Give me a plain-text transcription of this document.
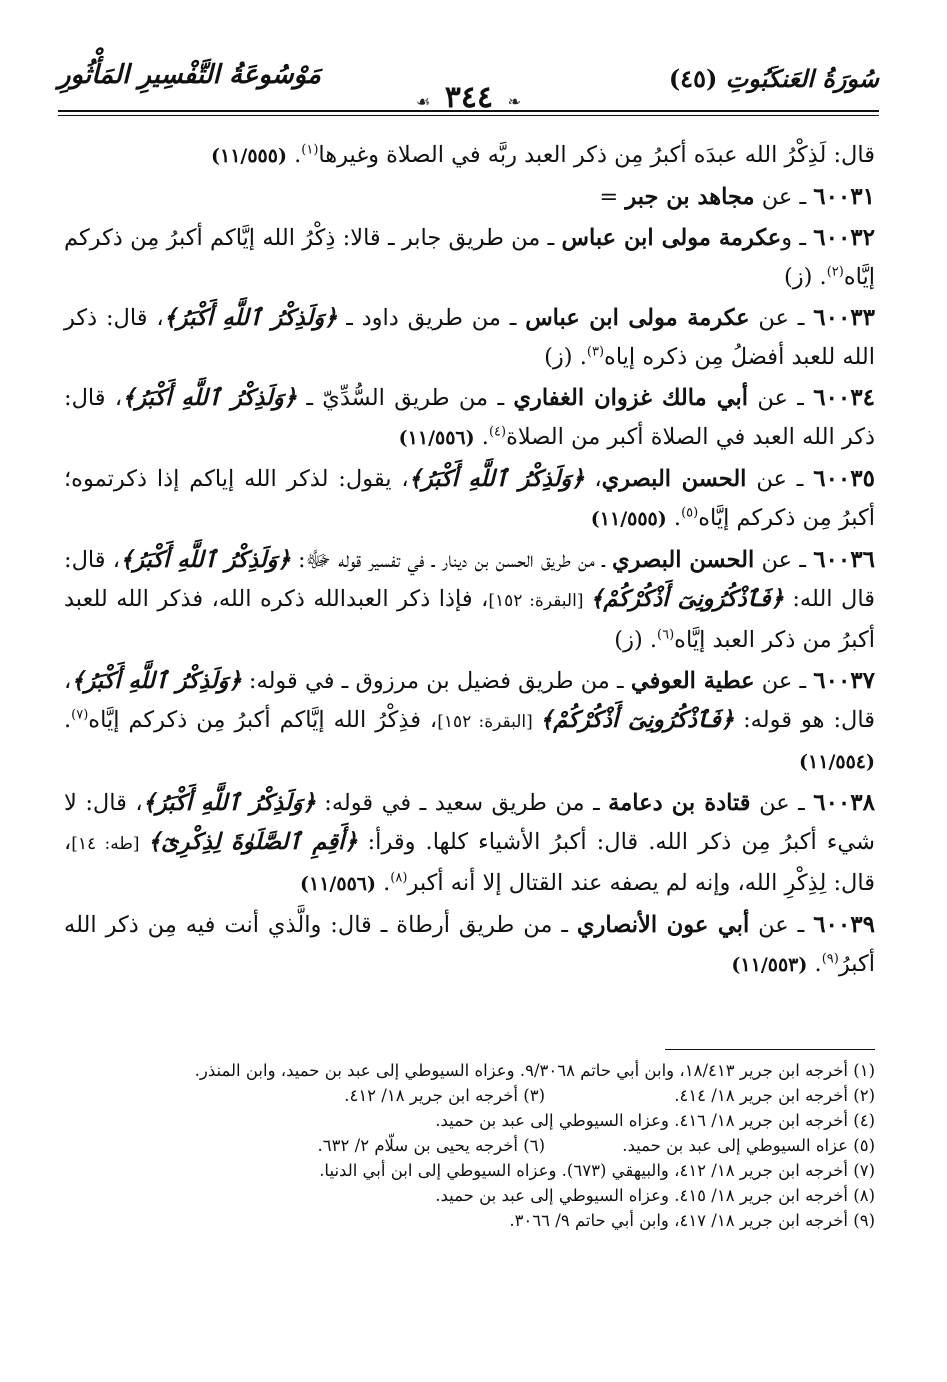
سُورَةُ العَنكَبُوتِ (٤٥)
❧ ٣٤٤ ☙
مَوْسُوعَةُ التَّفْسِيرِ المَأْثُورِ

قال: لَذِكْرُ الله عبدَه أكبرُ مِن ذكر العبد ربَّه في الصلاة وغيرها$^{(١)}$. (١١/٥٥٥)

٦٠٠٣١ ـ عن مجاهد بن جبر =

٦٠٠٣٢ ـ وعكرمة مولى ابن عباس ـ من طريق جابر ـ قالا: ذِكْرُ الله إيَّاكم أكبرُ مِن ذكركم إيَّاه$^{(٢)}$. (ز)

٦٠٠٣٣ ـ عن عكرمة مولى ابن عباس ـ من طريق داود ـ ﴿وَلَذِكْرُ ٱللَّهِ أَكْبَرُ﴾، قال: ذكر الله للعبد أفضلُ مِن ذكره إياه$^{(٣)}$. (ز)

٦٠٠٣٤ ـ عن أبي مالك غزوان الغفاري ـ من طريق السُّدِّيّ ـ ﴿وَلَذِكْرُ ٱللَّهِ أَكْبَرُ﴾، قال: ذكر الله العبد في الصلاة أكبر من الصلاة$^{(٤)}$. (١١/٥٥٦)

٦٠٠٣٥ ـ عن الحسن البصري، ﴿وَلَذِكْرُ ٱللَّهِ أَكْبَرُ﴾، يقول: لذكر الله إياكم إذا ذكرتموه؛ أكبرُ مِن ذكركم إيَّاه$^{(٥)}$. (١١/٥٥٥)

٦٠٠٣٦ ـ عن الحسن البصري ـ من طريق الحسن بن دينار ـ في تفسير قوله ﷻ: ﴿وَلَذِكْرُ ٱللَّهِ أَكْبَرُ﴾، قال: قال الله: ﴿فَٱذْكُرُونِىٓ أَذْكُرْكُمْ﴾ [البقرة: ١٥٢]، فإذا ذكر العبدالله ذكره الله، فذكر الله للعبد أكبرُ من ذكر العبد إيَّاه$^{(٦)}$. (ز)

٦٠٠٣٧ ـ عن عطية العوفي ـ من طريق فضيل بن مرزوق ـ في قوله: ﴿وَلَذِكْرُ ٱللَّهِ أَكْبَرُ﴾، قال: هو قوله: ﴿فَٱذْكُرُونِىٓ أَذْكُرْكُمْ﴾ [البقرة: ١٥٢]، فذِكْرُ الله إيَّاكم أكبرُ مِن ذكركم إيَّاه$^{(٧)}$. (١١/٥٥٤)

٦٠٠٣٨ ـ عن قتادة بن دعامة ـ من طريق سعيد ـ في قوله: ﴿وَلَذِكْرُ ٱللَّهِ أَكْبَرُ﴾، قال: لا شيء أكبرُ مِن ذكر الله. قال: أكبرُ الأشياء كلها. وقرأ: ﴿أَقِمِ ٱلصَّلَوٰةَ لِذِكْرِىٓ﴾ [طه: ١٤]، قال: لِذِكْرِ الله، وإنه لم يصفه عند القتال إلا أنه أكبر$^{(٨)}$. (١١/٥٥٦)

٦٠٠٣٩ ـ عن أبي عون الأنصاري ـ من طريق أرطاة ـ قال: والَّذي أنت فيه مِن ذكر الله أكبرُ$^{(٩)}$. (١١/٥٥٣)

(١) أخرجه ابن جرير ١٨/٤١٣، وابن أبي حاتم ٩/٣٠٦٨. وعزاه السيوطي إلى عبد بن حميد، وابن المنذر.

(٢) أخرجه ابن جرير ١٨/ ٤١٤.

(٣) أخرجه ابن جرير ١٨/ ٤١٢.

(٤) أخرجه ابن جرير ١٨/ ٤١٦. وعزاه السيوطي إلى عبد بن حميد.

(٥) عزاه السيوطي إلى عبد بن حميد.

(٦) أخرجه يحيى بن سلّام ٢/ ٦٣٢.

(٧) أخرجه ابن جرير ١٨/ ٤١٢، والبيهقي (٦٧٣). وعزاه السيوطي إلى ابن أبي الدنيا.

(٨) أخرجه ابن جرير ١٨/ ٤١٥. وعزاه السيوطي إلى عبد بن حميد.

(٩) أخرجه ابن جرير ١٨/ ٤١٧، وابن أبي حاتم ٩/ ٣٠٦٦.
